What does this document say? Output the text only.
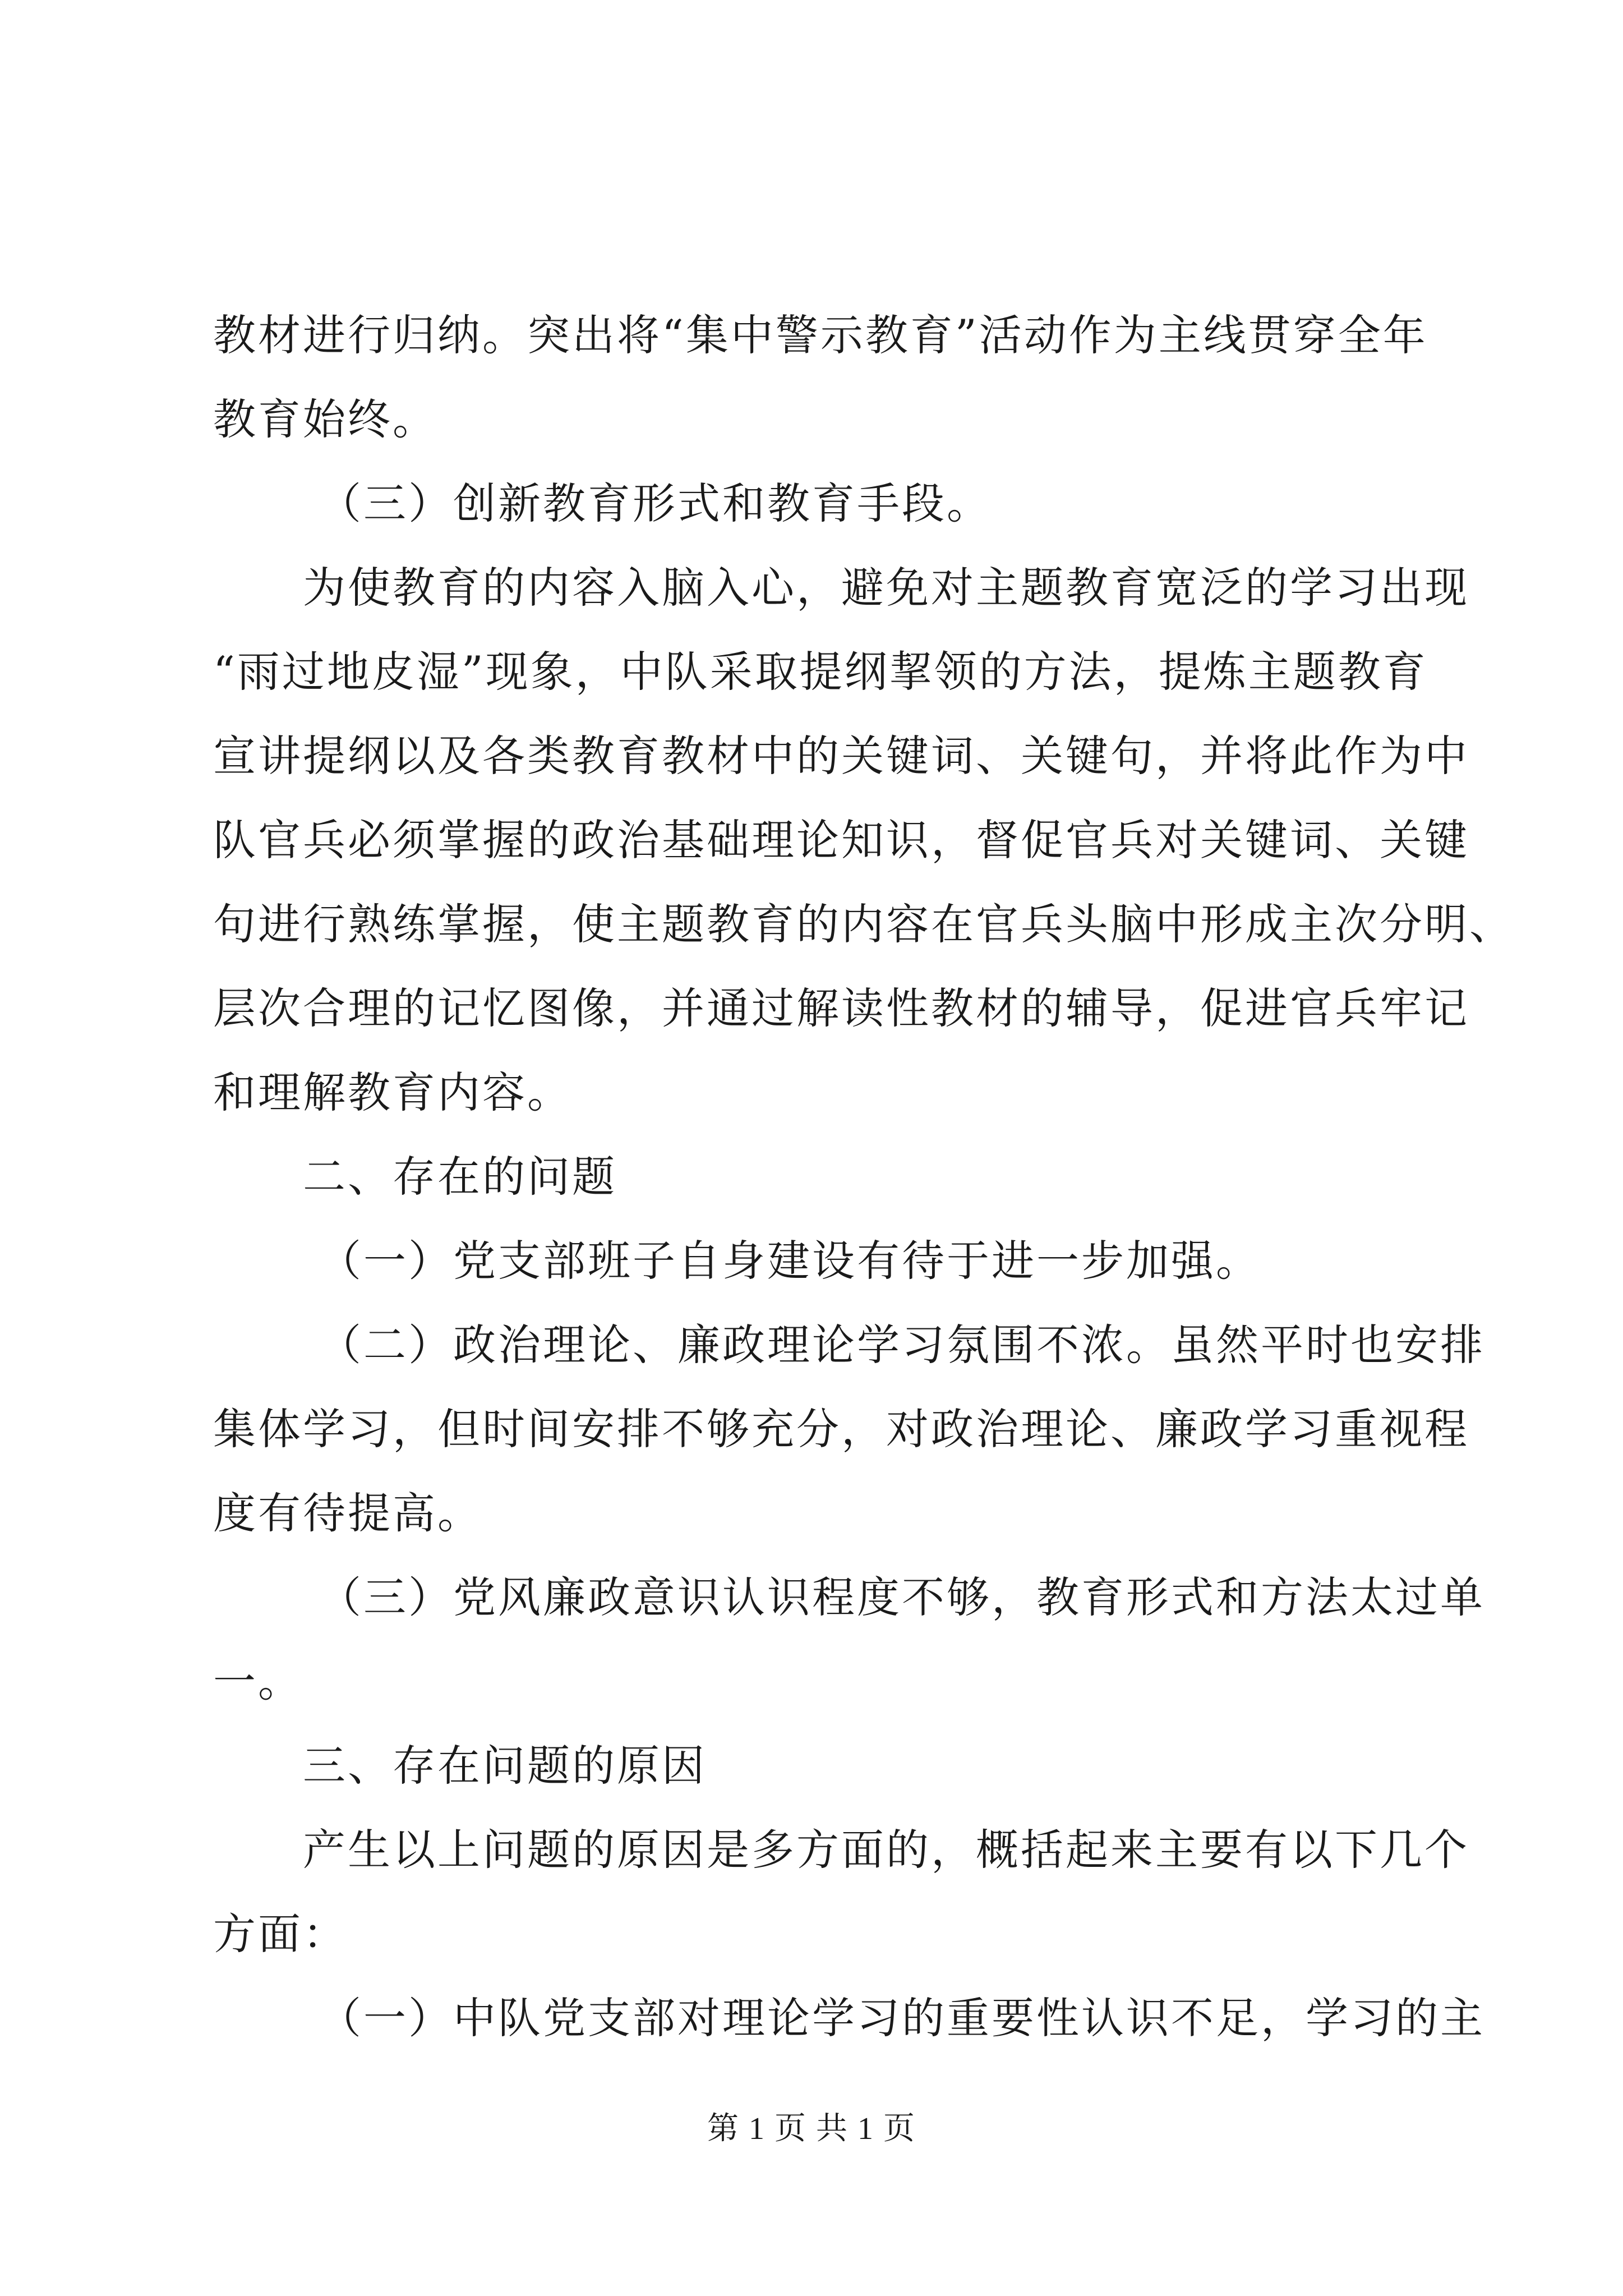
教材进行归纳。突出将“集中警示教育”活动作为主线贯穿全年
教育始终。
（三）创新教育形式和教育手段。
为使教育的内容入脑入心，避免对主题教育宽泛的学习出现
“雨过地皮湿”现象，中队采取提纲挈领的方法，提炼主题教育
宣讲提纲以及各类教育教材中的关键词、关键句，并将此作为中
队官兵必须掌握的政治基础理论知识，督促官兵对关键词、关键
句进行熟练掌握，使主题教育的内容在官兵头脑中形成主次分明、
层次合理的记忆图像，并通过解读性教材的辅导，促进官兵牢记
和理解教育内容。
二、存在的问题
（一）党支部班子自身建设有待于进一步加强。
（二）政治理论、廉政理论学习氛围不浓。虽然平时也安排
集体学习，但时间安排不够充分，对政治理论、廉政学习重视程
度有待提高。
（三）党风廉政意识认识程度不够，教育形式和方法太过单
一。
三、存在问题的原因
产生以上问题的原因是多方面的，概括起来主要有以下几个
方面：
（一）中队党支部对理论学习的重要性认识不足，学习的主
第 1 页 共 1 页
